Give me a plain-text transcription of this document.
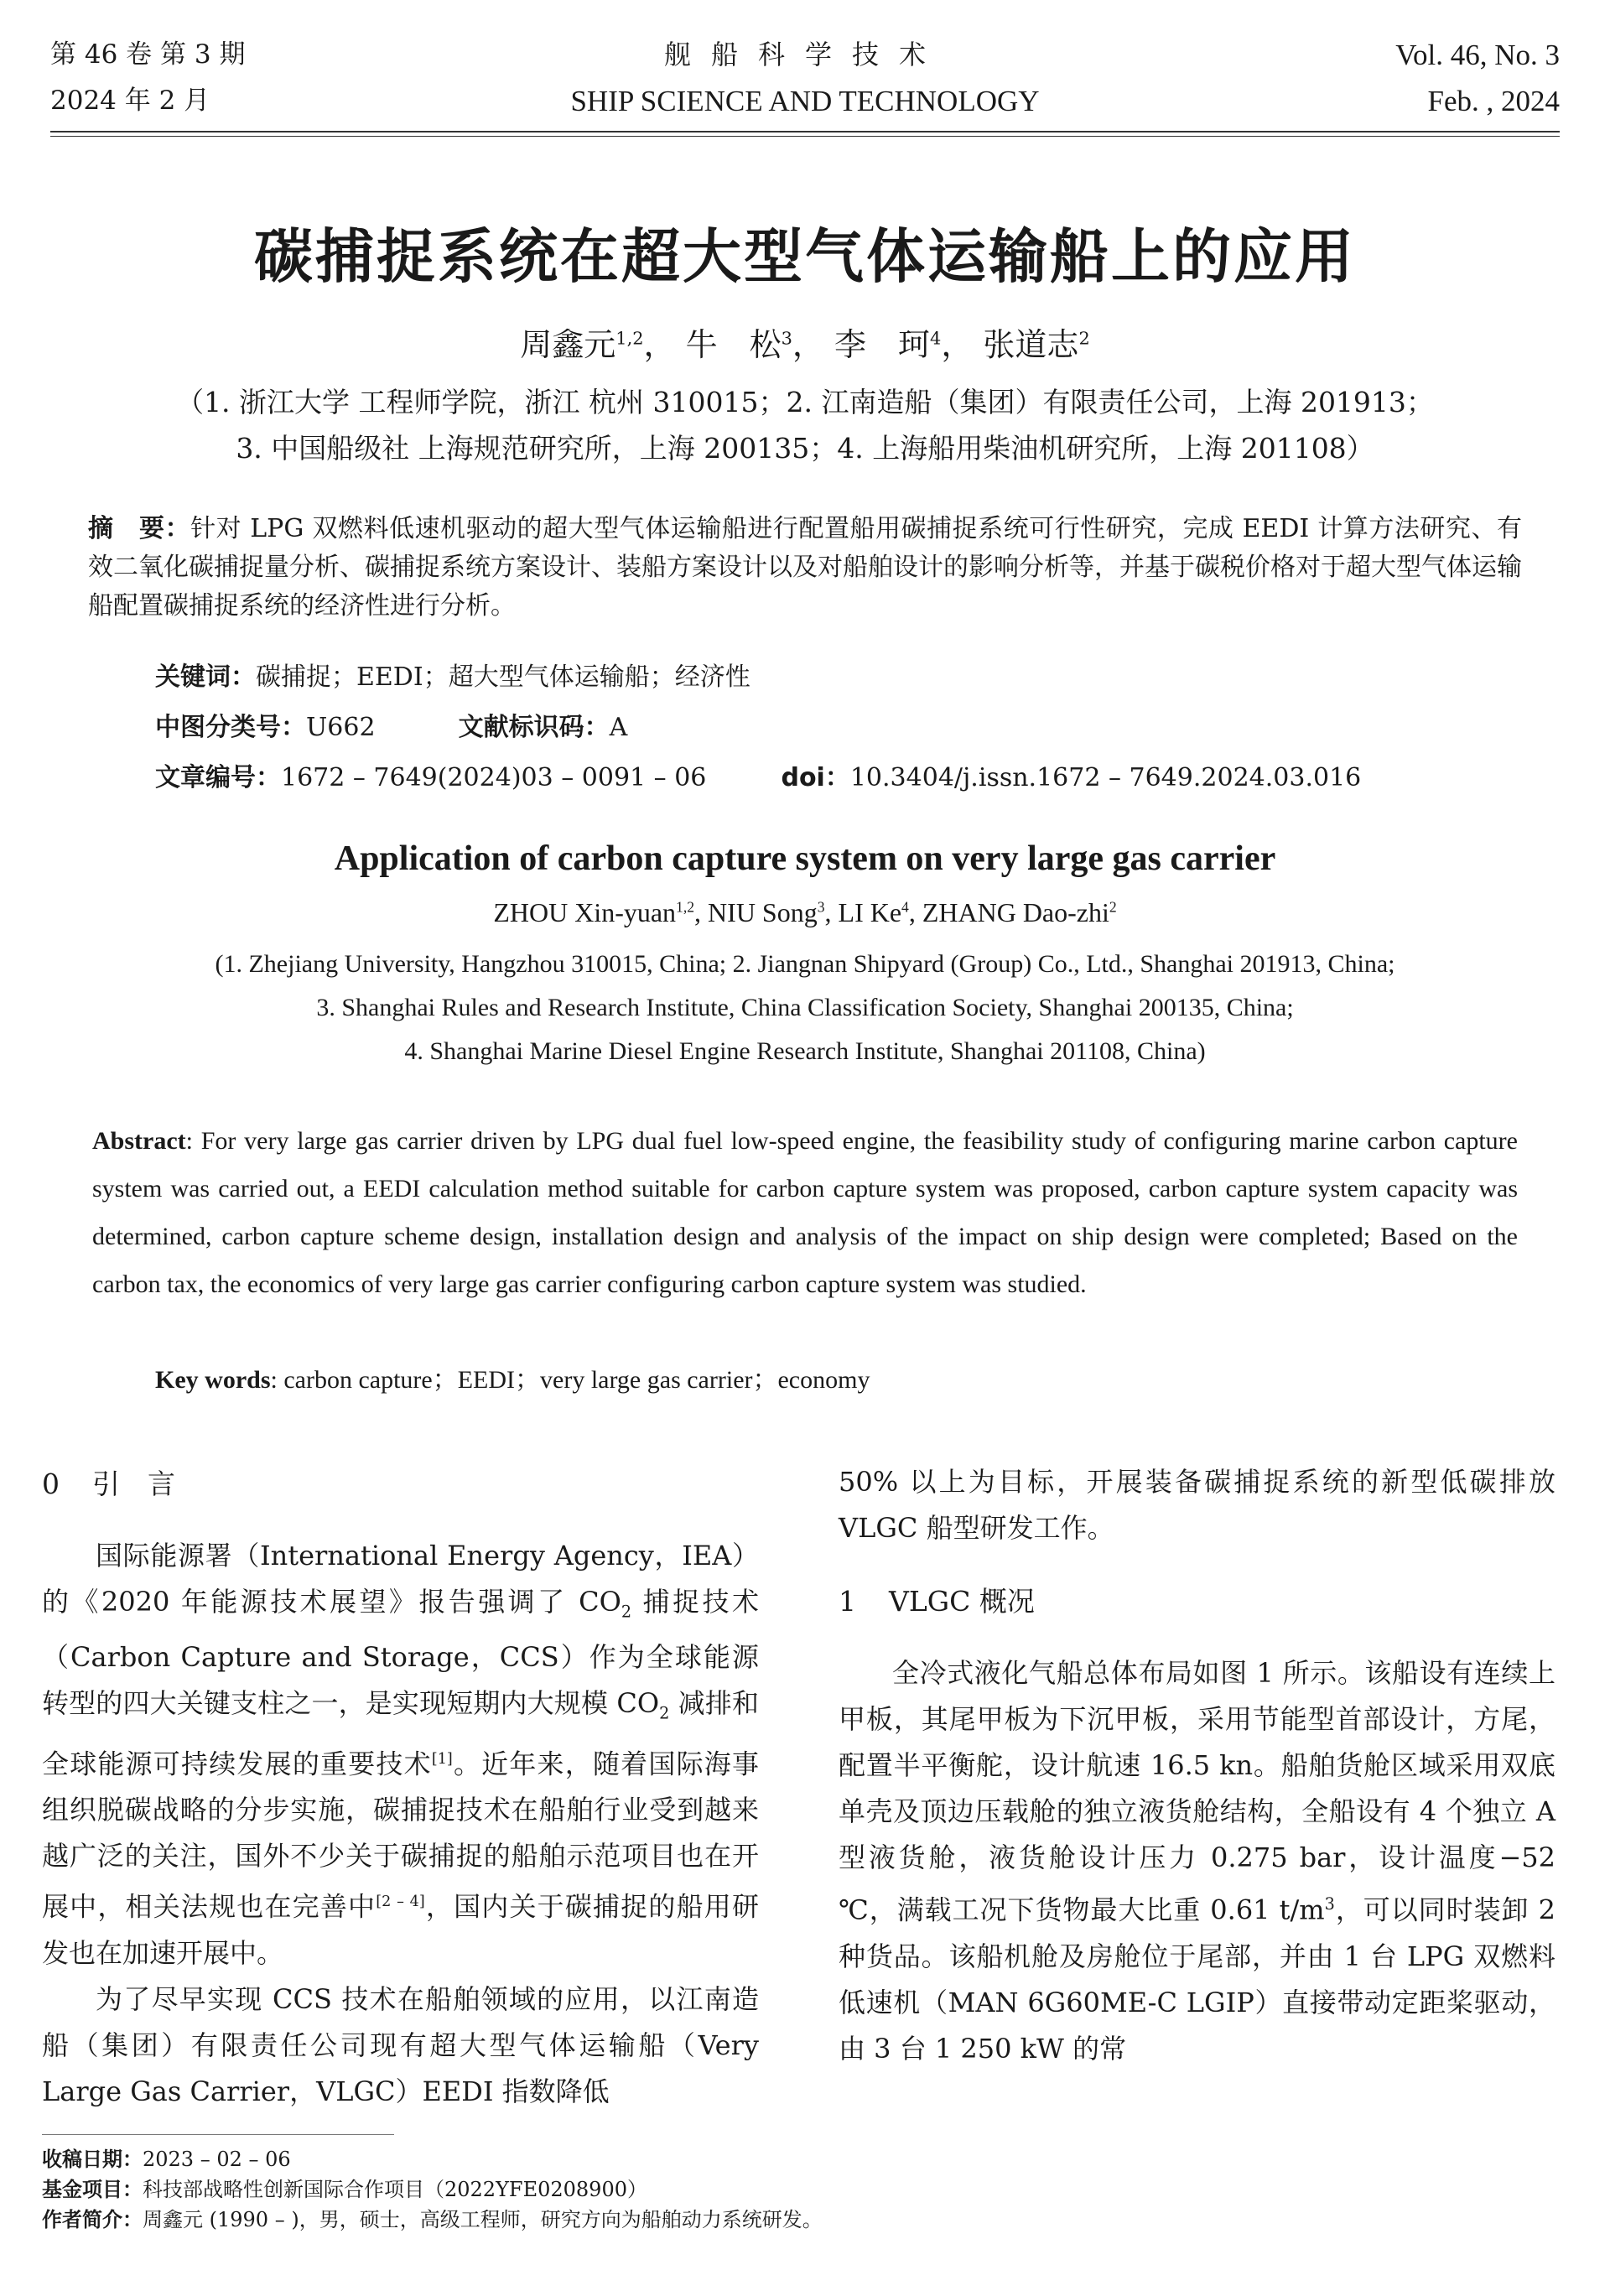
第 46 卷 第 3 期
2024 年 2 月
舰船科学技术
SHIP SCIENCE AND TECHNOLOGY
Vol. 46, No. 3
Feb. , 2024
碳捕捉系统在超大型气体运输船上的应用
周鑫元$^{1,2}$， 牛　松$^3$， 李　珂$^4$， 张道志$^2$
（1. 浙江大学 工程师学院，浙江 杭州 310015；2. 江南造船（集团）有限责任公司，上海 201913；
3. 中国船级社 上海规范研究所，上海 200135；4. 上海船用柴油机研究所，上海 201108）
摘　要：针对 LPG 双燃料低速机驱动的超大型气体运输船进行配置船用碳捕捉系统可行性研究，完成 EEDI 计算方法研究、有效二氧化碳捕捉量分析、碳捕捉系统方案设计、装船方案设计以及对船舶设计的影响分析等，并基于碳税价格对于超大型气体运输船配置碳捕捉系统的经济性进行分析。
关键词：碳捕捉；EEDI；超大型气体运输船；经济性
中图分类号：U662	文献标识码：A
文章编号：1672 – 7649(2024)03 – 0091 – 06	doi：10.3404/j.issn.1672 – 7649.2024.03.016
Application of carbon capture system on very large gas carrier
ZHOU Xin-yuan$^{1,2}$, NIU Song$^3$, LI Ke$^4$, ZHANG Dao-zhi$^2$
(1. Zhejiang University, Hangzhou 310015, China; 2. Jiangnan Shipyard (Group) Co., Ltd., Shanghai 201913, China;
3. Shanghai Rules and Research Institute, China Classification Society, Shanghai 200135, China;
4. Shanghai Marine Diesel Engine Research Institute, Shanghai 201108, China)
Abstract: For very large gas carrier driven by LPG dual fuel low-speed engine, the feasibility study of configuring marine carbon capture system was carried out, a EEDI calculation method suitable for carbon capture system was proposed, carbon capture system capacity was determined, carbon capture scheme design, installation design and analysis of the impact on ship design were completed; Based on the carbon tax, the economics of very large gas carrier configuring carbon capture system was studied.
Key words: carbon capture；EEDI；very large gas carrier；economy
0 引　言

国际能源署（International Energy Agency，IEA）的《2020 年能源技术展望》报告强调了 $CO_2$ 捕捉技术（Carbon Capture and Storage，CCS）作为全球能源转型的四大关键支柱之一，是实现短期内大规模 $CO_2$ 减排和全球能源可持续发展的重要技术[1]。近年来，随着国际海事组织脱碳战略的分步实施，碳捕捉技术在船舶行业受到越来越广泛的关注，国外不少关于碳捕捉的船舶示范项目也在开展中，相关法规也在完善中[2 – 4]，国内关于碳捕捉的船用研发也在加速开展中。

为了尽早实现 CCS 技术在船舶领域的应用，以江南造船（集团）有限责任公司现有超大型气体运输船（Very Large Gas Carrier，VLGC）EEDI 指数降低

50% 以上为目标，开展装备碳捕捉系统的新型低碳排放 VLGC 船型研发工作。

1 VLGC 概况

全冷式液化气船总体布局如图 1 所示。该船设有连续上甲板，其尾甲板为下沉甲板，采用节能型首部设计，方尾，配置半平衡舵，设计航速 16.5 kn。船舶货舱区域采用双底单壳及顶边压载舱的独立液货舱结构，全船设有 4 个独立 A 型液货舱，液货舱设计压力 0.275 bar，设计温度−52 ℃，满载工况下货物最大比重 0.61 $t/m^3$，可以同时装卸 2 种货品。该船机舱及房舱位于尾部，并由 1 台 LPG 双燃料低速机（MAN 6G60ME-C LGIP）直接带动定距桨驱动，由 3 台 1 250 kW 的常

收稿日期：2023 – 02 – 06
基金项目：科技部战略性创新国际合作项目（2022YFE0208900）
作者简介：周鑫元 (1990 – )，男，硕士，高级工程师，研究方向为船舶动力系统研发。
